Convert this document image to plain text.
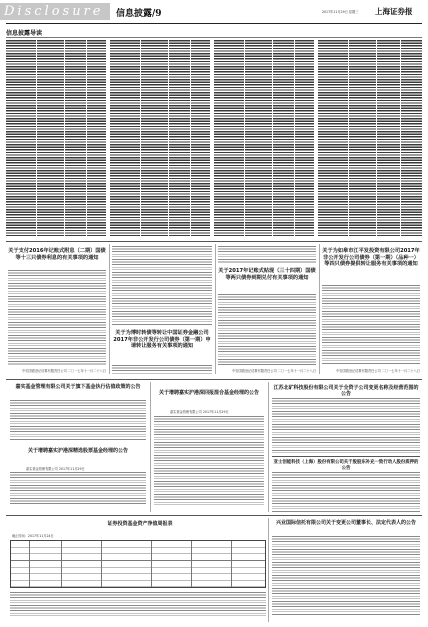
Disclosure 信息披露/9	2017年11月29日 星期三 上海证券报
信息披露导读
关于支付2016年记账式附息（二期）国债等十三只债券利息的有关事项的通知
中央国债登记结算有限责任公司 二〇一七年十一月二十八日
关于为博时转债等转让中国证券金融公司2017年非公开发行公司债券（第一期）申请转让服务有关事项的通知
关于2017年记账式贴现（三十四期）国债等两只债券到期兑付有关事项的通知
中央国债登记结算有限责任公司 二〇一七年十一月二十八日
关于为如皋市江平发投资有限公司2017年非公开发行公司债券（第一期）（品种一）等四只债券提供转让服务有关事项的通知
中央国债登记结算有限责任公司 二〇一七年十一月二十八日
嘉实基金管理有限公司关于旗下基金执行估值政策的公告
关于增聘嘉实沪港深回报混合基金经理的公告
嘉实基金管理有限公司 2017年11月29日
江苏北矿科技股份有限公司关于全资子公司变更名称及经营范围的公告
关于增聘嘉实沪港深精选股票基金经理的公告
嘉实基金管理有限公司 2017年11月29日
亚士创能科技（上海）股份有限公司关于股股东补充一致行动人股份质押的公告
证券投资基金资产净值周报表
截止时间：2017年11月24日
兴业国际信托有限公司关于变更公司董事长、法定代表人的公告
